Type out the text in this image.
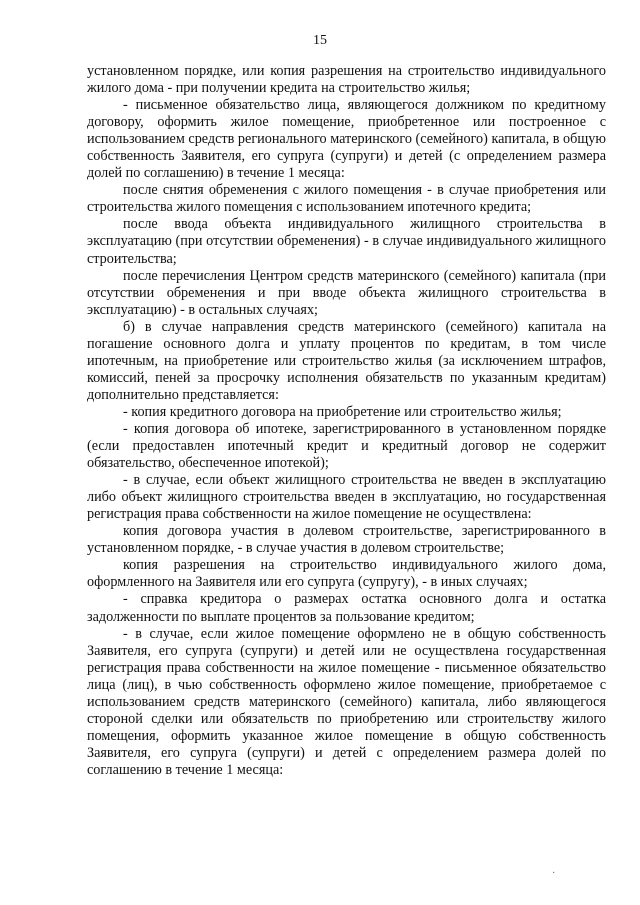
15

установленном порядке, или копия разрешения на строительство индивидуального жилого дома - при получении кредита на строительство жилья;

- письменное обязательство лица, являющегося должником по кредитному договору, оформить жилое помещение, приобретенное или построенное с использованием средств регионального материнского (семейного) капитала, в общую собственность Заявителя, его супруга (супруги) и детей (с определением размера долей по соглашению) в течение 1 месяца:

после снятия обременения с жилого помещения - в случае приобретения или строительства жилого помещения с использованием ипотечного кредита;

после ввода объекта индивидуального жилищного строительства в эксплуатацию (при отсутствии обременения) - в случае индивидуального жилищного строительства;

после перечисления Центром средств материнского (семейного) капитала (при отсутствии обременения и при вводе объекта жилищного строительства в эксплуатацию) - в остальных случаях;

б) в случае направления средств материнского (семейного) капитала на погашение основного долга и уплату процентов по кредитам, в том числе ипотечным, на приобретение или строительство жилья (за исключением штрафов, комиссий, пеней за просрочку исполнения обязательств по указанным кредитам) дополнительно представляется:

- копия кредитного договора на приобретение или строительство жилья;

- копия договора об ипотеке, зарегистрированного в установленном порядке (если предоставлен ипотечный кредит и кредитный договор не содержит обязательство, обеспеченное ипотекой);

- в случае, если объект жилищного строительства не введен в эксплуатацию либо объект жилищного строительства введен в эксплуатацию, но государственная регистрация права собственности на жилое помещение не осуществлена:

копия договора участия в долевом строительстве, зарегистрированного в установленном порядке, - в случае участия в долевом строительстве;

копия разрешения на строительство индивидуального жилого дома, оформленного на Заявителя или его супруга (супругу), - в иных случаях;

- справка кредитора о размерах остатка основного долга и остатка задолженности по выплате процентов за пользование кредитом;

- в случае, если жилое помещение оформлено не в общую собственность Заявителя, его супруга (супруги) и детей или не осуществлена государственная регистрация права собственности на жилое помещение - письменное обязательство лица (лиц), в чью собственность оформлено жилое помещение, приобретаемое с использованием средств материнского (семейного) капитала, либо являющегося стороной сделки или обязательств по приобретению или строительству жилого помещения, оформить указанное жилое помещение в общую собственность Заявителя, его супруга (супруги) и детей с определением размера долей по соглашению в течение 1 месяца:

·
